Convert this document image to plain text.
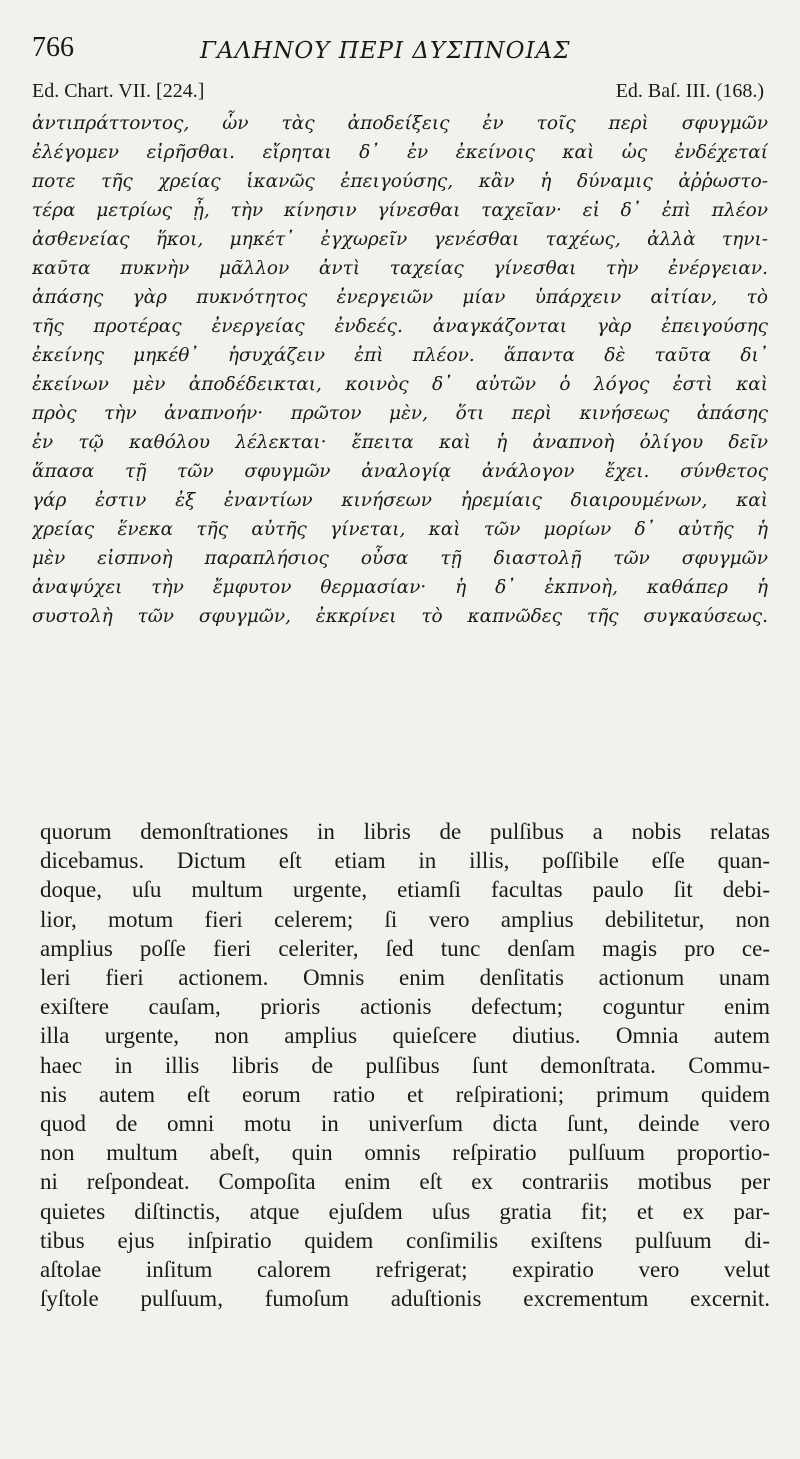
766	ΓΑΛΗΝΟΥ ΠΕΡΙ ΔΥΣΠΝΟΙΑΣ
Ed. Chart. VII. [224.]	Ed. Baſ. III. (168.)
ἀντιπράττοντος, ὧν τὰς ἀποδείξεις ἐν τοῖς περὶ σφυγμῶν
ἐλέγομεν εἰρῆσθαι. εἴρηται δ᾽ ἐν ἐκείνοις καὶ ὡς ἐνδέχεταί
ποτε τῆς χρείας ἱκανῶς ἐπειγούσης, κἂν ἡ δύναμις ἀῤῥωστο-
τέρα μετρίως ᾖ, τὴν κίνησιν γίνεσθαι ταχεῖαν· εἰ δ᾽ ἐπὶ πλέον
ἀσθενείας ἥκοι, μηκέτ᾽ ἐγχωρεῖν γενέσθαι ταχέως, ἀλλὰ τηνι-
καῦτα πυκνὴν μᾶλλον ἀντὶ ταχείας γίνεσθαι τὴν ἐνέργειαν.
ἁπάσης γὰρ πυκνότητος ἐνεργειῶν μίαν ὑπάρχειν αἰτίαν, τὸ
τῆς προτέρας ἐνεργείας ἐνδεές. ἀναγκάζονται γὰρ ἐπειγούσης
ἐκείνης μηκέθ᾽ ἡσυχάζειν ἐπὶ πλέον. ἅπαντα δὲ ταῦτα δι᾽
ἐκείνων μὲν ἀποδέδεικται, κοινὸς δ᾽ αὐτῶν ὁ λόγος ἐστὶ καὶ
πρὸς τὴν ἀναπνοήν· πρῶτον μὲν, ὅτι περὶ κινήσεως ἁπάσης
ἐν τῷ καθόλου λέλεκται· ἔπειτα καὶ ἡ ἀναπνοὴ ὀλίγου δεῖν
ἅπασα τῇ τῶν σφυγμῶν ἀναλογίᾳ ἀνάλογον ἔχει. σύνθετος
γάρ ἐστιν ἐξ ἐναντίων κινήσεων ἠρεμίαις διαιρουμένων, καὶ
χρείας ἕνεκα τῆς αὐτῆς γίνεται, καὶ τῶν μορίων δ᾽ αὐτῆς ἡ
μὲν εἰσπνοὴ παραπλήσιος οὖσα τῇ διαστολῇ τῶν σφυγμῶν
ἀναψύχει τὴν ἔμφυτον θερμασίαν· ἡ δ᾽ ἐκπνοὴ, καθάπερ ἡ
συστολὴ τῶν σφυγμῶν, ἐκκρίνει τὸ καπνῶδες τῆς συγκαύσεως.
quorum demonſtrationes in libris de pulſibus a nobis relatas
dicebamus. Dictum eſt etiam in illis, poſſibile eſſe quan-
doque, uſu multum urgente, etiamſi facultas paulo ſit debi-
lior, motum fieri celerem; ſi vero amplius debilitetur, non
amplius poſſe fieri celeriter, ſed tunc denſam magis pro ce-
leri fieri actionem. Omnis enim denſitatis actionum unam
exiſtere cauſam, prioris actionis defectum; coguntur enim
illa urgente, non amplius quieſcere diutius. Omnia autem
haec in illis libris de pulſibus ſunt demonſtrata. Commu-
nis autem eſt eorum ratio et reſpirationi; primum quidem
quod de omni motu in univerſum dicta ſunt, deinde vero
non multum abeſt, quin omnis reſpiratio pulſuum proportio-
ni reſpondeat. Compoſita enim eſt ex contrariis motibus per
quietes diſtinctis, atque ejuſdem uſus gratia fit; et ex par-
tibus ejus inſpiratio quidem conſimilis exiſtens pulſuum di-
aſtolae inſitum calorem refrigerat; expiratio vero velut
ſyſtole pulſuum, fumoſum aduſtionis excrementum excernit.
